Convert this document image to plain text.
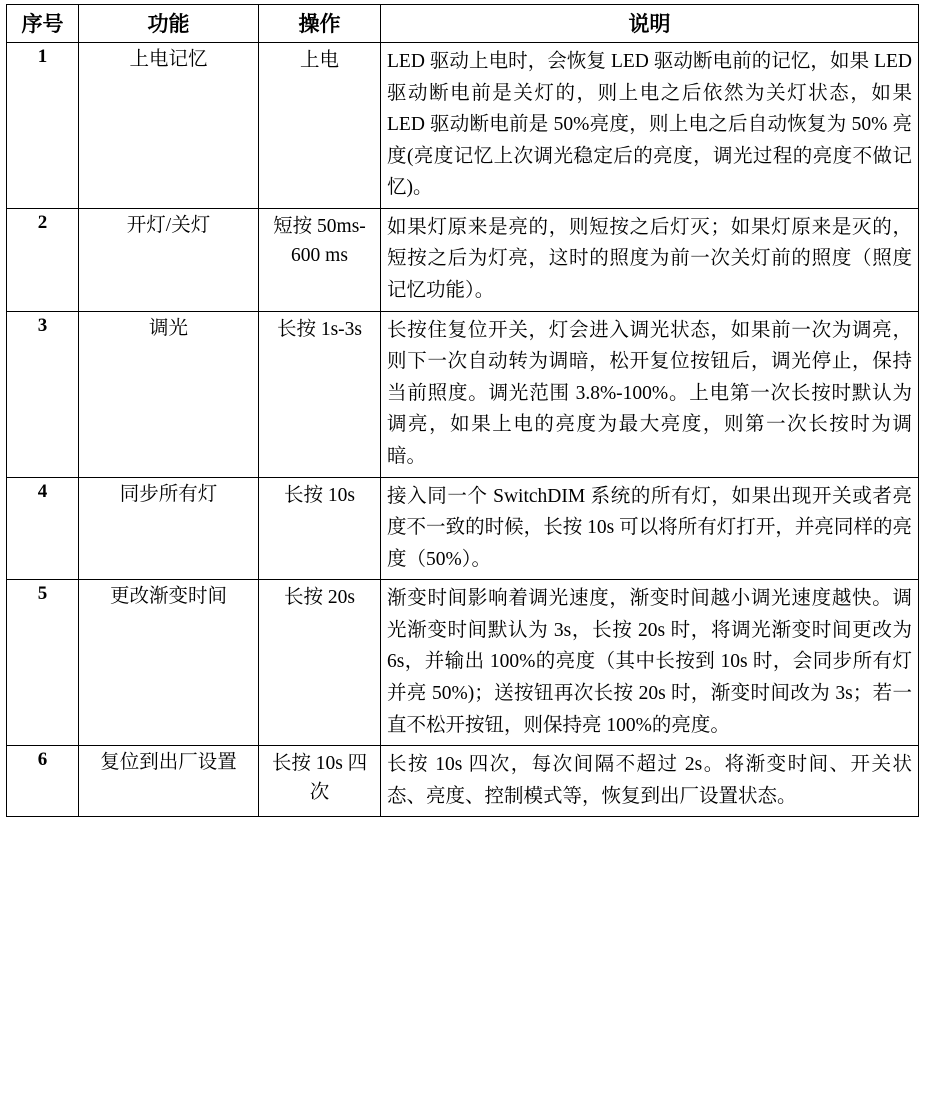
序号	功能	操作	说明
1	上电记忆	上电	LED 驱动上电时，会恢复 LED 驱动断电前的记忆，如果 LED 驱动断电前是关灯的，则上电之后依然为关灯状态，如果 LED 驱动断电前是 50%亮度，则上电之后自动恢复为 50% 亮度(亮度记忆上次调光稳定后的亮度，调光过程的亮度不做记忆)。
2	开灯/关灯	短按 50ms-600 ms	如果灯原来是亮的，则短按之后灯灭；如果灯原来是灭的，短按之后为灯亮，这时的照度为前一次关灯前的照度（照度记忆功能）。
3	调光	长按 1s-3s	长按住复位开关，灯会进入调光状态，如果前一次为调亮，则下一次自动转为调暗，松开复位按钮后，调光停止，保持当前照度。调光范围 3.8%-100%。上电第一次长按时默认为调亮，如果上电的亮度为最大亮度，则第一次长按时为调暗。
4	同步所有灯	长按 10s	接入同一个 SwitchDIM 系统的所有灯，如果出现开关或者亮度不一致的时候，长按 10s 可以将所有灯打开，并亮同样的亮度（50%）。
5	更改渐变时间	长按 20s	渐变时间影响着调光速度，渐变时间越小调光速度越快。调光渐变时间默认为 3s，长按 20s 时，将调光渐变时间更改为 6s，并输出 100%的亮度（其中长按到 10s 时，会同步所有灯并亮 50%)；送按钮再次长按 20s 时，渐变时间改为 3s；若一直不松开按钮，则保持亮 100%的亮度。
6	复位到出厂设置	长按 10s 四次	长按 10s 四次，每次间隔不超过 2s。将渐变时间、开关状态、亮度、控制模式等，恢复到出厂设置状态。
